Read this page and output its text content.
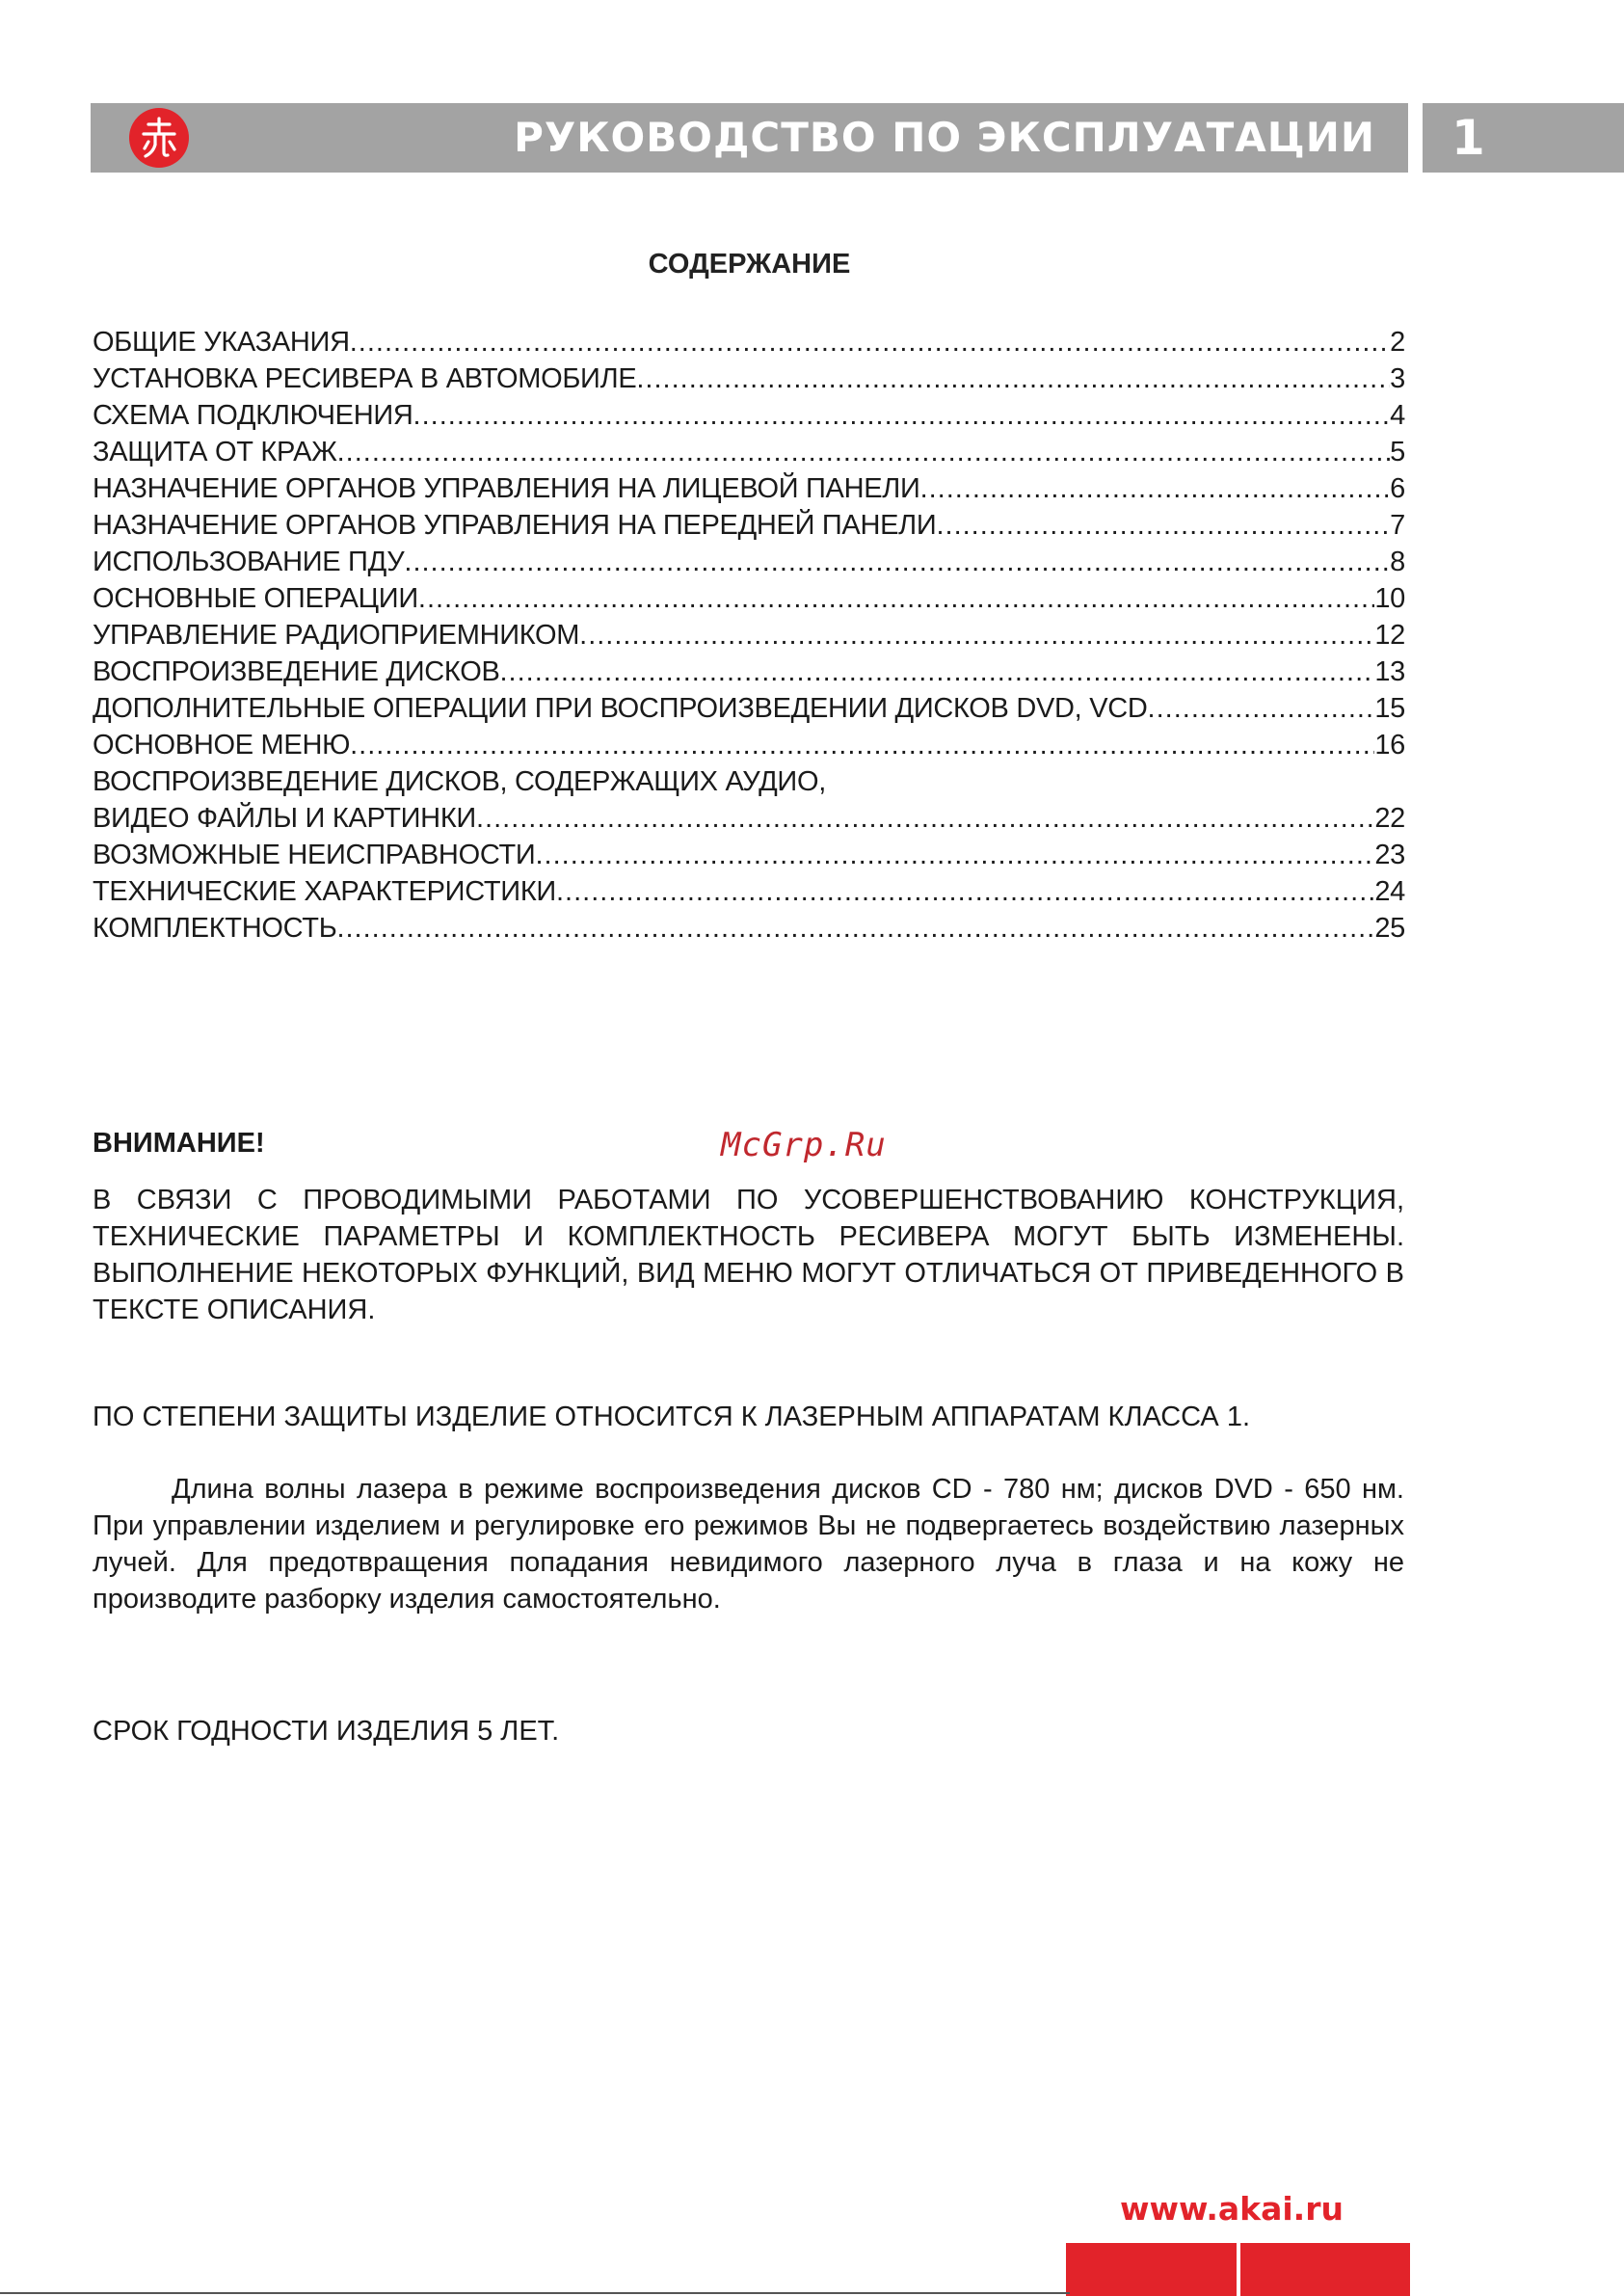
РУКОВОДСТВО ПО ЭКСПЛУАТАЦИИ 1
СОДЕРЖАНИЕ
ОБЩИЕ УКАЗАНИЯ .....	2
УСТАНОВКА РЕСИВЕРА В АВТОМОБИЛЕ .....	3
СХЕМА ПОДКЛЮЧЕНИЯ .....	4
ЗАЩИТА ОТ КРАЖ .....	5
НАЗНАЧЕНИЕ ОРГАНОВ УПРАВЛЕНИЯ НА ЛИЦЕВОЙ ПАНЕЛИ .....	6
НАЗНАЧЕНИЕ ОРГАНОВ УПРАВЛЕНИЯ НА ПЕРЕДНЕЙ ПАНЕЛИ .....	7
ИСПОЛЬЗОВАНИЕ ПДУ .....	8
ОСНОВНЫЕ ОПЕРАЦИИ .....	10
УПРАВЛЕНИЕ РАДИОПРИЕМНИКОМ .....	12
ВОСПРОИЗВЕДЕНИЕ ДИСКОВ .....	13
ДОПОЛНИТЕЛЬНЫЕ ОПЕРАЦИИ ПРИ ВОСПРОИЗВЕДЕНИИ ДИСКОВ DVD, VCD .....	15
ОСНОВНОЕ МЕНЮ .....	16
ВОСПРОИЗВЕДЕНИЕ ДИСКОВ, СОДЕРЖАЩИХ АУДИО,
ВИДЕО ФАЙЛЫ И КАРТИНКИ .....	22
ВОЗМОЖНЫЕ НЕИСПРАВНОСТИ .....	23
ТЕХНИЧЕСКИЕ ХАРАКТЕРИСТИКИ .....	24
КОМПЛЕКТНОСТЬ .....	25
ВНИМАНИЕ!	McGrp.Ru

В СВЯЗИ С ПРОВОДИМЫМИ РАБОТАМИ ПО УСОВЕРШЕНСТВОВАНИЮ КОНСТРУКЦИЯ, ТЕХНИЧЕСКИЕ ПАРАМЕТРЫ И КОМПЛЕКТНОСТЬ РЕСИВЕРА МОГУТ БЫТЬ ИЗМЕНЕНЫ. ВЫПОЛНЕНИЕ НЕКОТОРЫХ ФУНКЦИЙ, ВИД МЕНЮ МОГУТ ОТЛИЧАТЬСЯ ОТ ПРИВЕДЕННОГО В ТЕКСТЕ ОПИСАНИЯ.

ПО СТЕПЕНИ ЗАЩИТЫ ИЗДЕЛИЕ ОТНОСИТСЯ К ЛАЗЕРНЫМ АППАРАТАМ КЛАССА 1.

Длина волны лазера в режиме воспроизведения дисков CD - 780 нм; дисков DVD - 650 нм. При управлении изделием и регулировке его режимов Вы не подвергаетесь воздействию лазерных лучей. Для предотвращения попадания невидимого лазерного луча в глаза и на кожу не производите разборку изделия самостоятельно.

СРОК ГОДНОСТИ ИЗДЕЛИЯ 5 ЛЕТ.

www.akai.ru
